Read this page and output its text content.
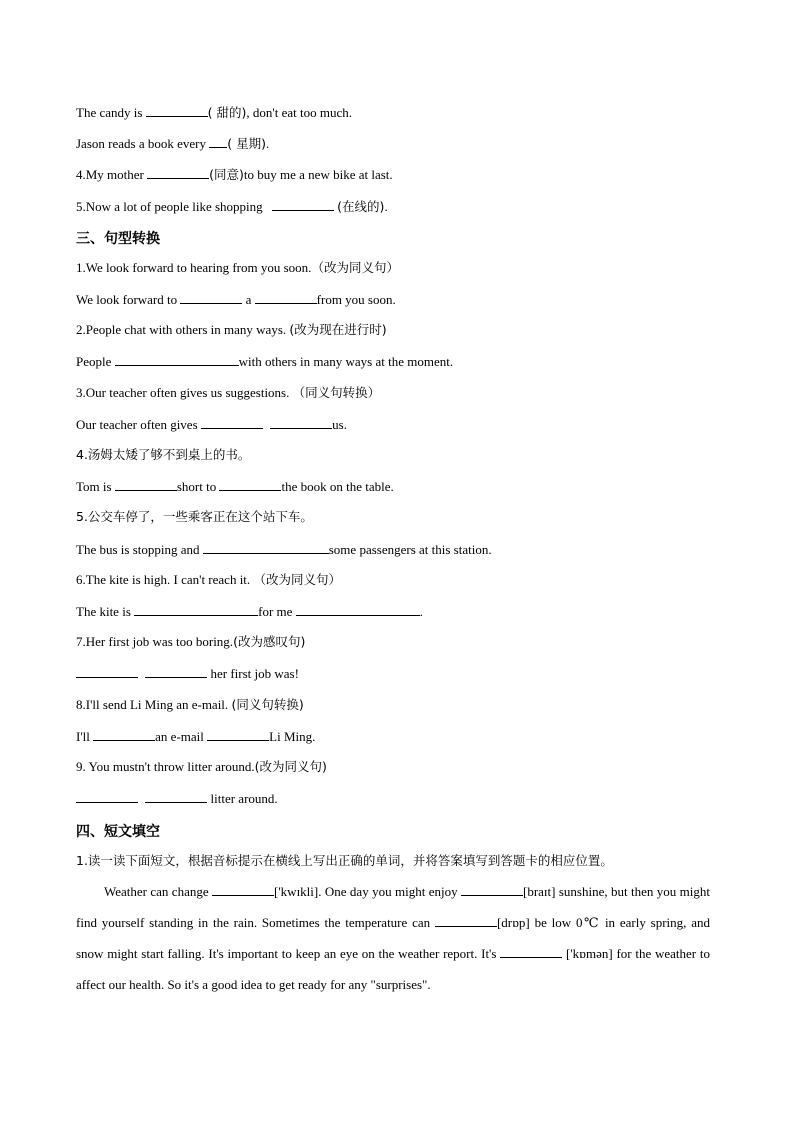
The candy is	( 甜的), don't eat too much.
Jason reads a book every ( 星期).
4.My mother	(同意)to buy me a new bike at last.
5.Now a lot of people like shopping	(在线的).
三、句型转换
1.We look forward to hearing from you soon.（改为同义句）
We look forward to	a	from you soon.
2.People chat with others in many ways. (改为现在进行时)
People	with others in many ways at the moment.
3.Our teacher often gives us suggestions. （同义句转换）
Our teacher often gives	us.
4.汤姆太矮了够不到桌上的书。
Tom is	short to	the book on the table.
5.公交车停了，一些乘客正在这个站下车。
The bus is stopping and	some passengers at this station.
6.The kite is high. I can't reach it. （改为同义句）
The kite is	for me	.
7.Her first job was too boring.(改为感叹句)
her first job was!
8.I'll send Li Ming an e-mail. (同义句转换)
I'll	an e-mail	Li Ming.
9. You mustn't throw litter around.(改为同义句)
litter around.
四、短文填空
1.读一读下面短文，根据音标提示在横线上写出正确的单词，并将答案填写到答题卡的相应位置。
Weather can change	['kwɪkli]. One day you might enjoy	[braɪt] sunshine, but then you might find yourself standing in the rain. Sometimes the temperature can	[drɒp] be low 0℃ in early spring, and snow might start falling. It's important to keep an eye on the weather report. It's	['kɒmən] for the weather to affect our health. So it's a good idea to get ready for any "surprises".
